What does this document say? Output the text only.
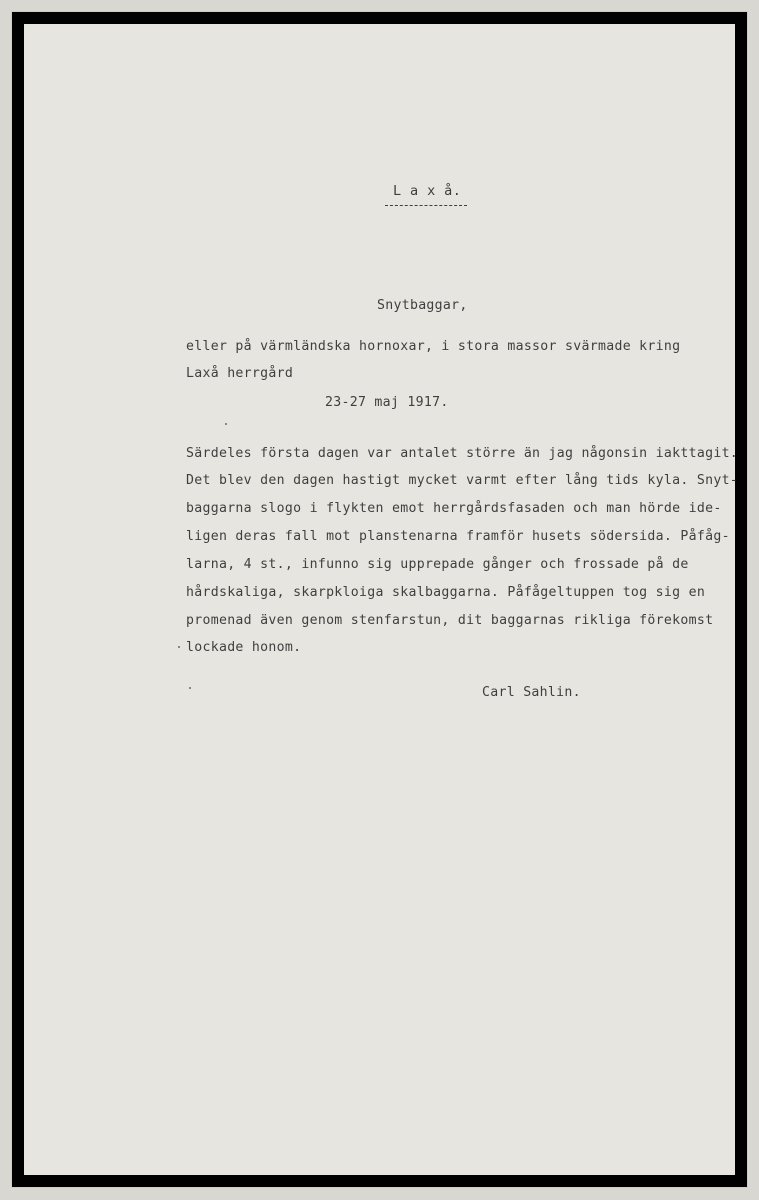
L a x å.
Snytbaggar,
eller på värmländska hornoxar, i stora massor svärmade kring
Laxå herrgård
23-27 maj 1917.
Särdeles första dagen var antalet större än jag någonsin iakttagit.
Det blev den dagen hastigt mycket varmt efter lång tids kyla. Snyt-
baggarna slogo i flykten emot herrgårdsfasaden och man hörde ide-
ligen deras fall mot planstenarna framför husets södersida. Påfåg-
larna, 4 st., infunno sig upprepade gånger och frossade på de
hårdskaliga, skarpkloiga skalbaggarna. Påfågeltuppen tog sig en
promenad även genom stenfarstun, dit baggarnas rikliga förekomst
lockade honom.
Carl Sahlin.
